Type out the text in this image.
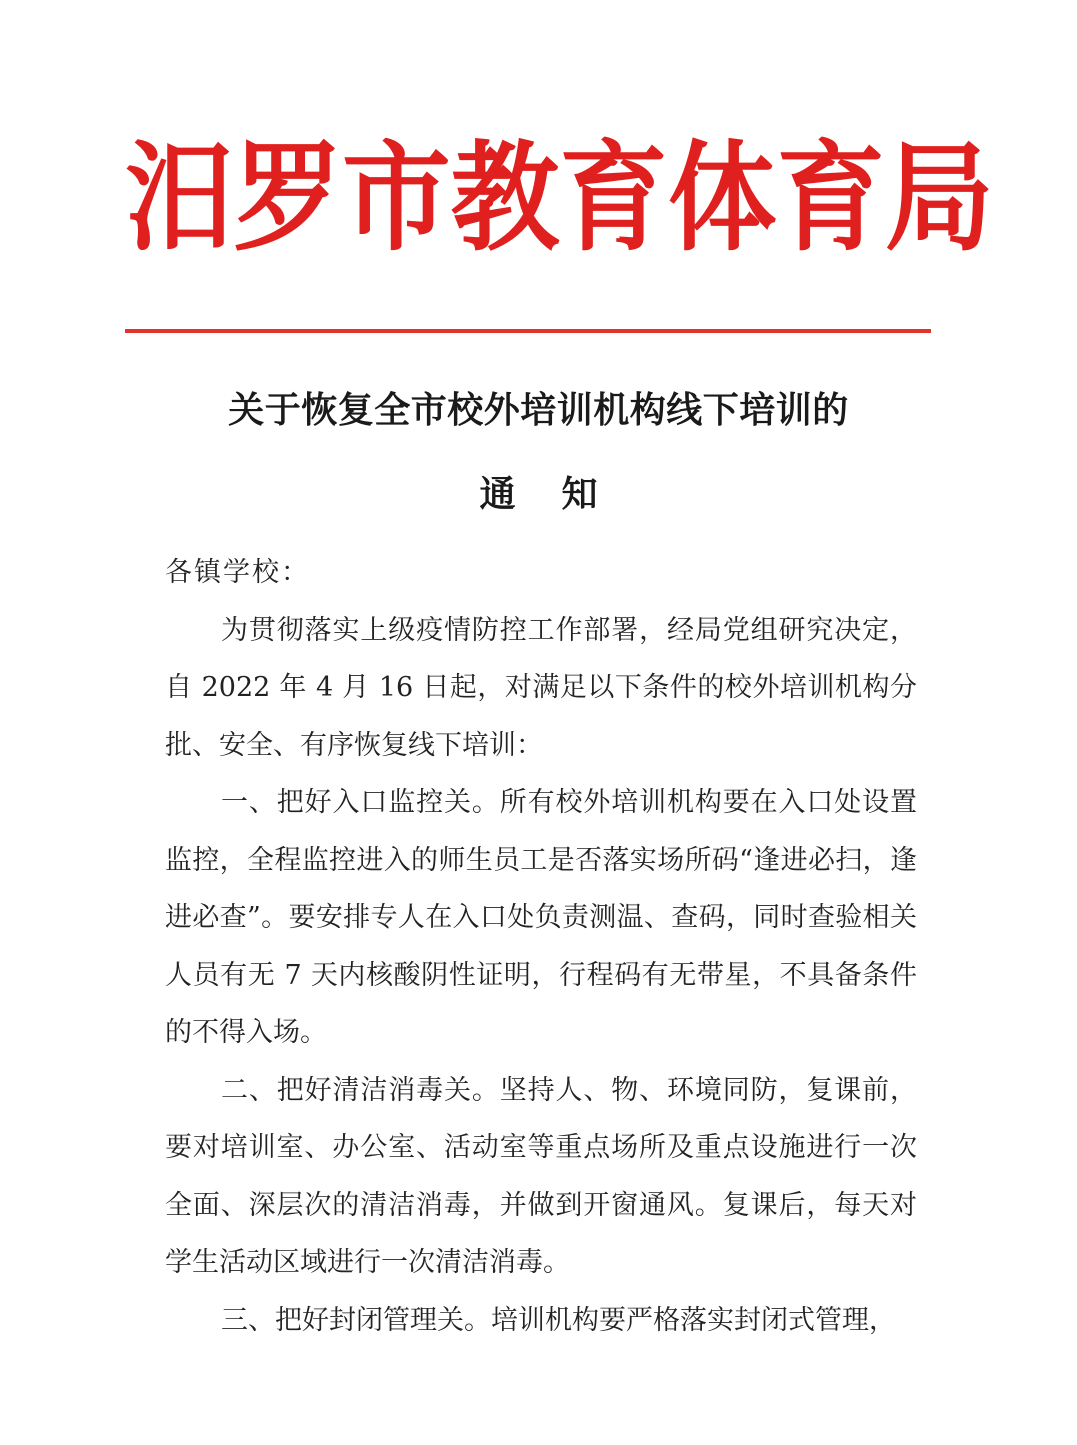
汨 罗 市 教 育 体 育 局
关于恢复全市校外培训机构线下培训的
通知

各镇学校：

为贯彻落实上级疫情防控工作部署，经局党组研究决定，自 2022 年 4 月 16 日起，对满足以下条件的校外培训机构分批、安全、有序恢复线下培训：

一、把好入口监控关。所有校外培训机构要在入口处设置监控，全程监控进入的师生员工是否落实场所码“逢进必扫，逢进必查”。要安排专人在入口处负责测温、查码，同时查验相关人员有无 7 天内核酸阴性证明，行程码有无带星，不具备条件的不得入场。

二、把好清洁消毒关。坚持人、物、环境同防，复课前，要对培训室、办公室、活动室等重点场所及重点设施进行一次全面、深层次的清洁消毒，并做到开窗通风。复课后，每天对学生活动区域进行一次清洁消毒。

三、把好封闭管理关。培训机构要严格落实封闭式管理，
